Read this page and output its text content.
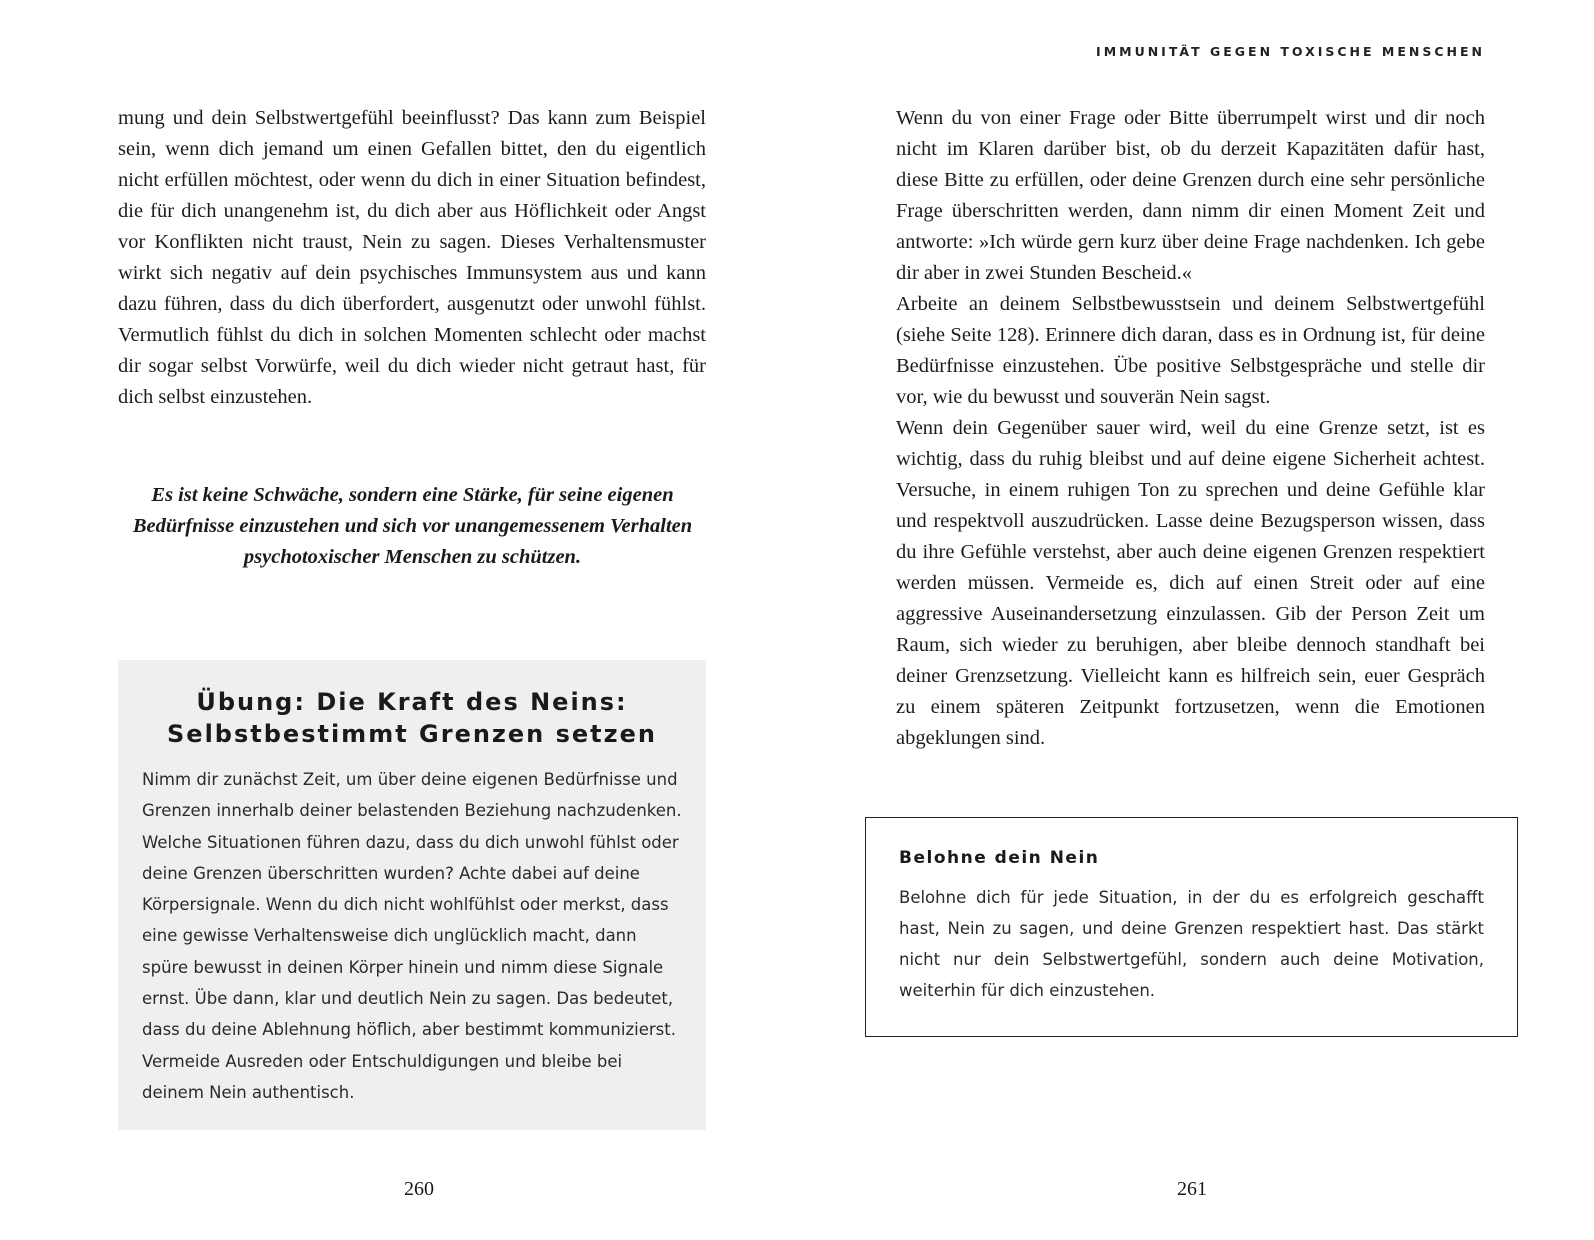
IMMUNITÄT GEGEN TOXISCHE MENSCHEN

mung und dein Selbstwertgefühl beeinflusst? Das kann zum Beispiel sein, wenn dich jemand um einen Gefallen bittet, den du eigentlich nicht erfüllen möchtest, oder wenn du dich in einer Situation befindest, die für dich unangenehm ist, du dich aber aus Höflichkeit oder Angst vor Konflikten nicht traust, Nein zu sagen. Dieses Verhaltensmuster wirkt sich negativ auf dein psychisches Immunsystem aus und kann dazu führen, dass du dich überfordert, ausgenutzt oder unwohl fühlst. Vermutlich fühlst du dich in solchen Momenten schlecht oder machst dir sogar selbst Vorwürfe, weil du dich wieder nicht getraut hast, für dich selbst einzustehen.

Es ist keine Schwäche, sondern eine Stärke, für seine eigenen Bedürfnisse einzustehen und sich vor unangemessenem Verhalten psychotoxischer Menschen zu schützen.
Übung: Die Kraft des Neins: Selbstbestimmt Grenzen setzen
Nimm dir zunächst Zeit, um über deine eigenen Bedürfnisse und Grenzen innerhalb deiner belastenden Beziehung nachzudenken. Welche Situationen führen dazu, dass du dich unwohl fühlst oder deine Grenzen überschritten wurden? Achte dabei auf deine Körpersignale. Wenn du dich nicht wohlfühlst oder merkst, dass eine gewisse Verhaltensweise dich unglücklich macht, dann spüre bewusst in deinen Körper hinein und nimm diese Signale ernst. Übe dann, klar und deutlich Nein zu sagen. Das bedeutet, dass du deine Ablehnung höflich, aber bestimmt kommunizierst. Vermeide Ausreden oder Entschuldigungen und bleibe bei deinem Nein authentisch.
260

Wenn du von einer Frage oder Bitte überrumpelt wirst und dir noch nicht im Klaren darüber bist, ob du derzeit Kapazitäten dafür hast, diese Bitte zu erfüllen, oder deine Grenzen durch eine sehr persönliche Frage überschritten werden, dann nimm dir einen Moment Zeit und antworte: »Ich würde gern kurz über deine Frage nachdenken. Ich gebe dir aber in zwei Stunden Bescheid.«

Arbeite an deinem Selbstbewusstsein und deinem Selbstwertgefühl (siehe Seite 128). Erinnere dich daran, dass es in Ordnung ist, für deine Bedürfnisse einzustehen. Übe positive Selbstgespräche und stelle dir vor, wie du bewusst und souverän Nein sagst.

Wenn dein Gegenüber sauer wird, weil du eine Grenze setzt, ist es wichtig, dass du ruhig bleibst und auf deine eigene Sicherheit achtest. Versuche, in einem ruhigen Ton zu sprechen und deine Gefühle klar und respektvoll auszudrücken. Lasse deine Bezugsperson wissen, dass du ihre Gefühle verstehst, aber auch deine eigenen Grenzen respektiert werden müssen. Vermeide es, dich auf einen Streit oder auf eine aggressive Auseinandersetzung einzulassen. Gib der Person Zeit um Raum, sich wieder zu beruhigen, aber bleibe dennoch standhaft bei deiner Grenzsetzung. Vielleicht kann es hilfreich sein, euer Gespräch zu einem späteren Zeitpunkt fortzusetzen, wenn die Emotionen abgeklungen sind.

Belohne dein Nein
Belohne dich für jede Situation, in der du es erfolgreich geschafft hast, Nein zu sagen, und deine Grenzen respektiert hast. Das stärkt nicht nur dein Selbstwertgefühl, sondern auch deine Motivation, weiterhin für dich einzustehen.
261
